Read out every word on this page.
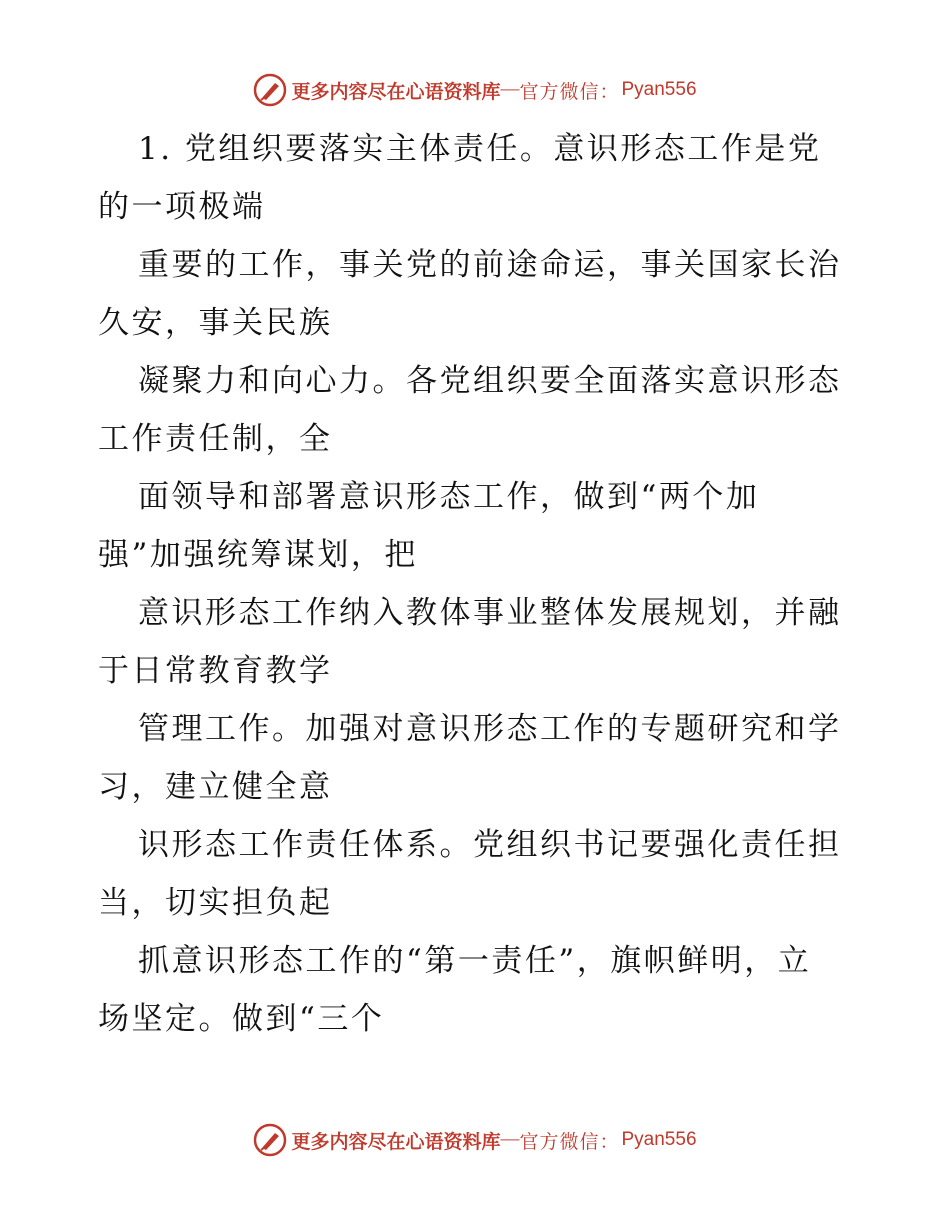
更多内容尽在心语资料库 — 官方微信： Pyan556
1. 党组织要落实主体责任。意识形态工作是党
的一项极端
重要的工作，事关党的前途命运，事关国家长治
久安，事关民族
凝聚力和向心力。各党组织要全面落实意识形态
工作责任制，全
面领导和部署意识形态工作，做到“两个加
强”加强统筹谋划，把
意识形态工作纳入教体事业整体发展规划，并融
于日常教育教学
管理工作。加强对意识形态工作的专题研究和学
习，建立健全意
识形态工作责任体系。党组织书记要强化责任担
当，切实担负起
抓意识形态工作的“第一责任”，旗帜鲜明，立
场坚定。做到“三个
更多内容尽在心语资料库 — 官方微信： Pyan556
